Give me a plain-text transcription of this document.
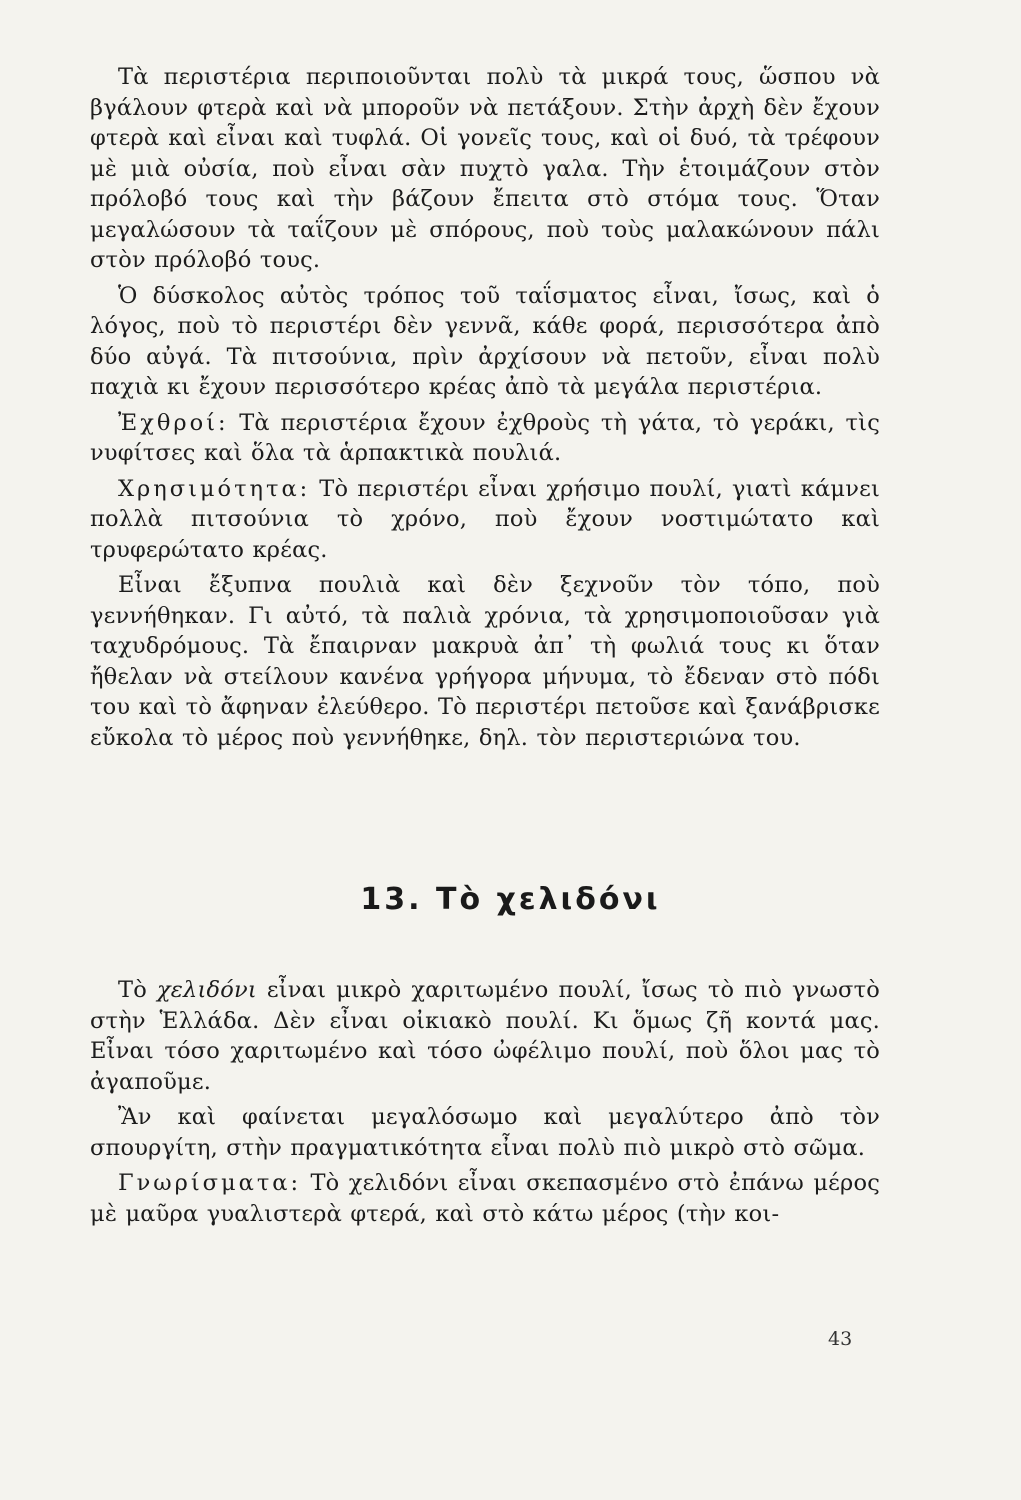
Τὰ περιστέρια περιποιοῦνται πολὺ τὰ μικρά τους, ὥσπου νὰ βγάλουν φτερὰ καὶ νὰ μποροῦν νὰ πετάξουν. Στὴν ἀρχὴ δὲν ἔχουν φτερὰ καὶ εἶναι καὶ τυφλά. Οἱ γονεῖς τους, καὶ οἱ δυό, τὰ τρέφουν μὲ μιὰ οὐσία, ποὺ εἶναι σὰν πυχτὸ γαλα. Τὴν ἑτοιμάζουν στὸν πρόλοβό τους καὶ τὴν βάζουν ἔπειτα στὸ στόμα τους. Ὅταν μεγαλώσουν τὰ ταΐζουν μὲ σπόρους, ποὺ τοὺς μαλακώνουν πάλι στὸν πρόλοβό τους.

Ὁ δύσκολος αὐτὸς τρόπος τοῦ ταΐσματος εἶναι, ἴσως, καὶ ὁ λόγος, ποὺ τὸ περιστέρι δὲν γεννᾶ, κάθε φορά, περισσότερα ἀπὸ δύο αὐγά. Τὰ πιτσούνια, πρὶν ἀρχίσουν νὰ πετοῦν, εἶναι πολὺ παχιὰ κι ἔχουν περισσότερο κρέας ἀπὸ τὰ μεγάλα περιστέρια.

Ἐχθροί: Τὰ περιστέρια ἔχουν ἐχθροὺς τὴ γάτα, τὸ γεράκι, τὶς νυφίτσες καὶ ὅλα τὰ ἁρπακτικὰ πουλιά.

Χρησιμότητα: Τὸ περιστέρι εἶναι χρήσιμο πουλί, γιατὶ κάμνει πολλὰ πιτσούνια τὸ χρόνο, ποὺ ἔχουν νοστιμώτατο καὶ τρυφερώτατο κρέας.

Εἶναι ἔξυπνα πουλιὰ καὶ δὲν ξεχνοῦν τὸν τόπο, ποὺ γεννήθηκαν. Γι αὐτό, τὰ παλιὰ χρόνια, τὰ χρησιμοποιοῦσαν γιὰ ταχυδρόμους. Τὰ ἔπαιρναν μακρυὰ ἀπ᾿ τὴ φωλιά τους κι ὅταν ἤθελαν νὰ στείλουν κανένα γρήγορα μήνυμα, τὸ ἔδεναν στὸ πόδι του καὶ τὸ ἄφηναν ἐλεύθερο. Τὸ περιστέρι πετοῦσε καὶ ξανάβρισκε εὔκολα τὸ μέρος ποὺ γεννήθηκε, δηλ. τὸν περιστεριώνα του.

13. Τὸ χελιδόνι

Τὸ χελιδόνι εἶναι μικρὸ χαριτωμένο πουλί, ἴσως τὸ πιὸ γνωστὸ στὴν Ἑλλάδα. Δὲν εἶναι οἰκιακὸ πουλί. Κι ὅμως ζῆ κοντά μας. Εἶναι τόσο χαριτωμένο καὶ τόσο ὠφέλιμο πουλί, ποὺ ὅλοι μας τὸ ἀγαποῦμε.

Ἂν καὶ φαίνεται μεγαλόσωμο καὶ μεγαλύτερο ἀπὸ τὸν σπουργίτη, στὴν πραγματικότητα εἶναι πολὺ πιὸ μικρὸ στὸ σῶμα.

Γνωρίσματα: Τὸ χελιδόνι εἶναι σκεπασμένο στὸ ἐπάνω μέρος μὲ μαῦρα γυαλιστερὰ φτερά, καὶ στὸ κάτω μέρος (τὴν κοι-

43
